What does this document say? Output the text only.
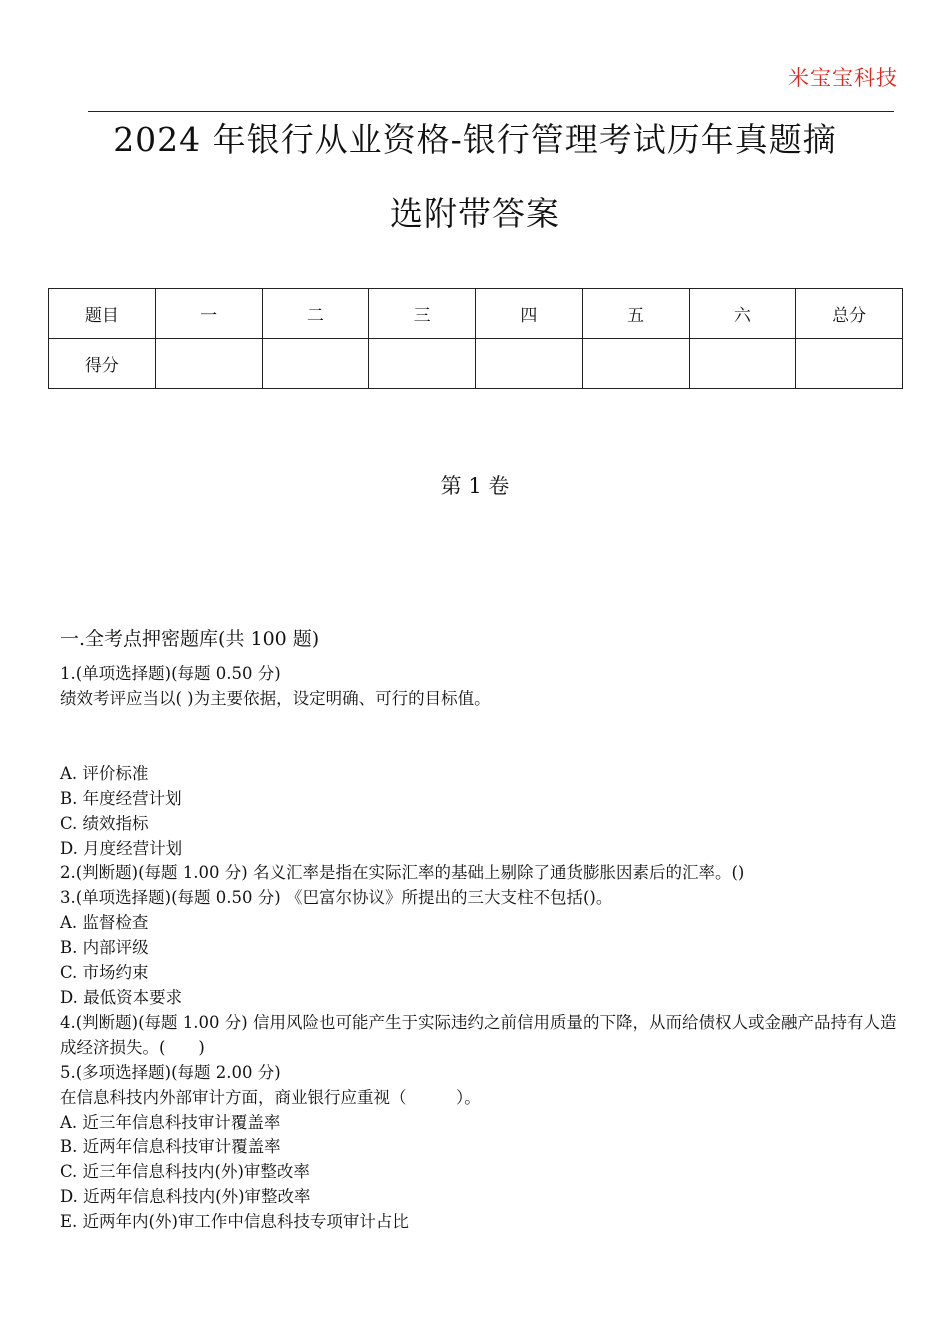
米宝宝科技
2024 年银行从业资格-银行管理考试历年真题摘
选附带答案
题目	一	二	三	四	五	六	总分
得分							
第 1 卷
一.全考点押密题库(共 100 题)
1.(单项选择题)(每题 0.50 分)
绩效考评应当以( )为主要依据，设定明确、可行的目标值。
A. 评价标准
B. 年度经营计划
C. 绩效指标
D. 月度经营计划
2.(判断题)(每题 1.00 分) 名义汇率是指在实际汇率的基础上剔除了通货膨胀因素后的汇率。()
3.(单项选择题)(每题 0.50 分) 《巴富尔协议》所提出的三大支柱不包括()。
A. 监督检查
B. 内部评级
C. 市场约束
D. 最低资本要求
4.(判断题)(每题 1.00 分) 信用风险也可能产生于实际违约之前信用质量的下降，从而给债权人或金融产品持有人造成经济损失。(　　)
5.(多项选择题)(每题 2.00 分)
在信息科技内外部审计方面，商业银行应重视（　　　）。
A. 近三年信息科技审计覆盖率
B. 近两年信息科技审计覆盖率
C. 近三年信息科技内(外)审整改率
D. 近两年信息科技内(外)审整改率
E. 近两年内(外)审工作中信息科技专项审计占比
